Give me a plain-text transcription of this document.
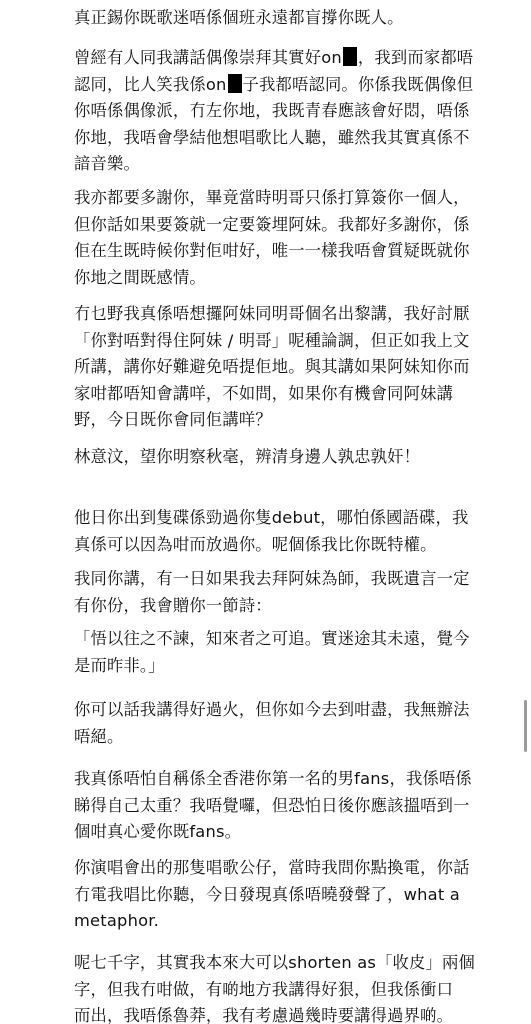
真正錫你既歌迷唔係個班永遠都盲撐你既人。

曾經有人同我講話偶像崇拜其實好on ，我到而家都唔
認同，比人笑我係on 子我都唔認同。你係我既偶像但
你唔係偶像派，冇左你地，我既青春應該會好悶，唔係
你地，我唔會學結他想唱歌比人聽，雖然我其實真係不
諳音樂。

我亦都要多謝你，畢竟當時明哥只係打算簽你一個人，
但你話如果要簽就一定要簽埋阿妹。我都好多謝你，係
佢在生既時候你對佢咁好，唯一一樣我唔會質疑既就你
你地之間既感情。

冇乜野我真係唔想攞阿妹同明哥個名出黎講，我好討厭
「你對唔對得住阿妹 / 明哥」呢種論調，但正如我上文
所講，講你好難避免唔提佢地。與其講如果阿妹知你而
家咁都唔知會講咩，不如問，如果你有機會同阿妹講
野，今日既你會同佢講咩？

林意汶，望你明察秋毫，辨清身邊人孰忠孰奸！

他日你出到隻碟係勁過你隻debut，哪怕係國語碟，我
真係可以因為咁而放過你。呢個係我比你既特權。

我同你講，有一日如果我去拜阿妹為師，我既遺言一定
有你份，我會贈你一節詩：

「悟以往之不諫，知來者之可追。實迷途其未遠，覺今
是而昨非。」

你可以話我講得好過火，但你如今去到咁盡，我無辦法
唔絕。

我真係唔怕自稱係全香港你第一名的男fans，我係唔係
睇得自己太重？我唔覺囉，但恐怕日後你應該搵唔到一
個咁真心愛你既fans。

你演唱會出的那隻唱歌公仔，當時我問你點換電，你話
冇電我唱比你聽，今日發現真係唔曉發聲了，what a
metaphor.

呢七千字，其實我本來大可以shorten as「收皮」兩個
字，但我冇咁做，有啲地方我講得好狠，但我係衝口
而出，我唔係魯莽，我有考慮過幾時要講得過界啲。
